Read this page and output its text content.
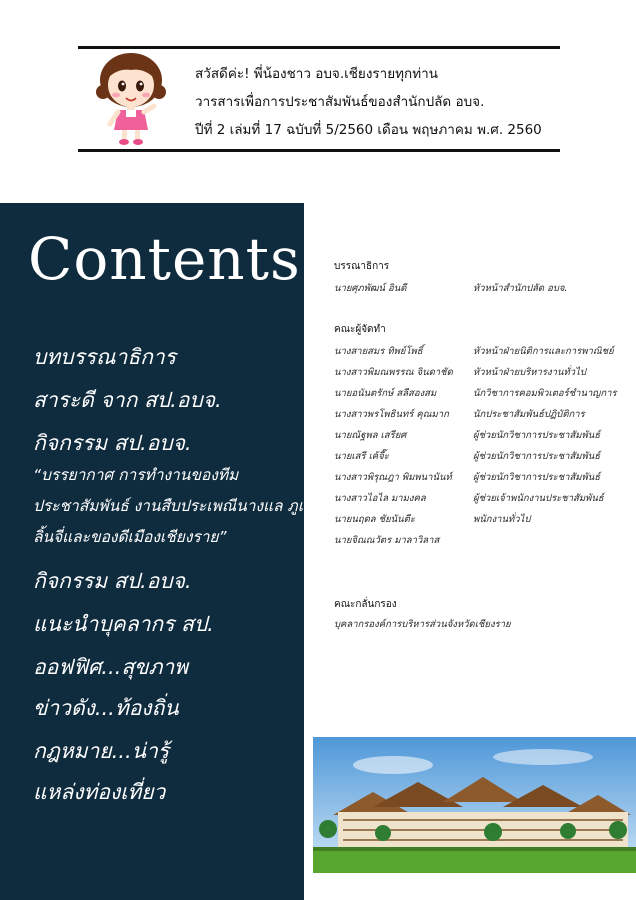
สวัสดีค่ะ! พี่น้องชาว อบจ.เชียงรายทุกท่าน
วารสารเพื่อการประชาสัมพันธ์ของสำนักปลัด อบจ.
ปีที่ 2 เล่มที่ 17 ฉบับที่ 5/2560 เดือน พฤษภาคม พ.ศ. 2560
Contents
บทบรรณาธิการ
สาระดี จาก สป.อบจ.
กิจกรรม สป.อบจ.
“บรรยากาศ การทำงานของทีม
ประชาสัมพันธ์ งานสืบประเพณีนางแล ภูแล
ลิ้นจี่และของดีเมืองเชียงราย”
กิจกรรม สป.อบจ.
แนะนำบุคลากร สป.
ออฟฟิศ...สุขภาพ
ข่าวดัง...ท้องถิ่น
กฎหมาย...น่ารู้
แหล่งท่องเที่ยว
บรรณาธิการ
นายศุภพัฒน์ อินดี	หัวหน้าสำนักปลัด อบจ.
คณะผู้จัดทำ
นางสายสมร ทิพย์โพธิ์	หัวหน้าฝ่ายนิติการและการพาณิชย์
นางสาวพิมณพรรณ จินดาชัด หัวหน้าฝ่ายบริหารงานทั่วไป
นายอนันตรักษ์ สลีสองสม	นักวิชาการคอมพิวเตอร์ชำนาญการ
นางสาวพรโพธินทร์ คุณมาก	นักประชาสัมพันธ์ปฏิบัติการ
นายณัฐพล เสรียศ	ผู้ช่วยนักวิชาการประชาสัมพันธ์
นายเสรี เค้จี๊ะ	ผู้ช่วยนักวิชาการประชาสัมพันธ์
นางสาวพิรุณฎา พิมพนานันท์ ผู้ช่วยนักวิชาการประชาสัมพันธ์
นางสาวไอไล มามงคล	ผู้ช่วยเจ้าพนักงานประชาสัมพันธ์
นายนฤดล ชัยนันตีะ	พนักงานทั่วไป
นายจิณณวัตร มาลาวิลาส
คณะกลั่นกรอง
บุคลากรองค์การบริหารส่วนจังหวัดเชียงราย
